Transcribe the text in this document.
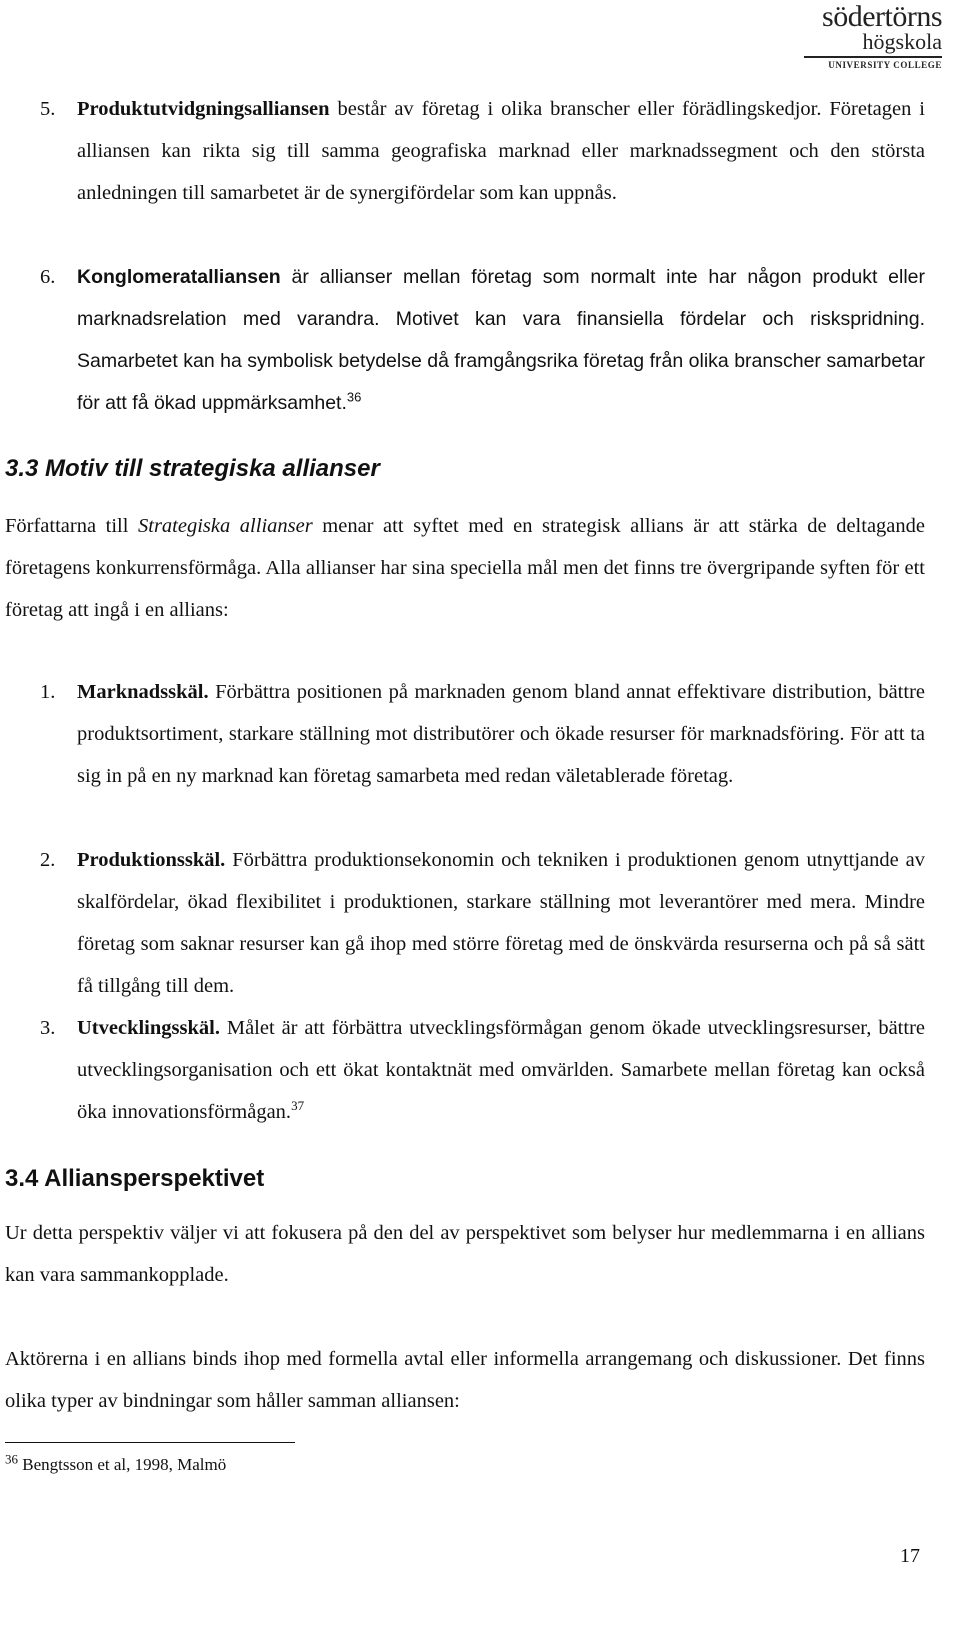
södertörns
högskola
UNIVERSITY COLLEGE
5. Produktutvidgningsalliansen består av företag i olika branscher eller förädlingskedjor. Företagen i alliansen kan rikta sig till samma geografiska marknad eller marknadssegment och den största anledningen till samarbetet är de synergifördelar som kan uppnås.
6. Konglomeratalliansen är allianser mellan företag som normalt inte har någon produkt eller marknadsrelation med varandra. Motivet kan vara finansiella fördelar och riskspridning. Samarbetet kan ha symbolisk betydelse då framgångsrika företag från olika branscher samarbetar för att få ökad uppmärksamhet.$^{36}$
3.3 Motiv till strategiska allianser
Författarna till Strategiska allianser menar att syftet med en strategisk allians är att stärka de deltagande företagens konkurrensförmåga. Alla allianser har sina speciella mål men det finns tre övergripande syften för ett företag att ingå i en allians:
1. Marknadsskäl. Förbättra positionen på marknaden genom bland annat effektivare distribution, bättre produktsortiment, starkare ställning mot distributörer och ökade resurser för marknadsföring. För att ta sig in på en ny marknad kan företag samarbeta med redan väletablerade företag.
2. Produktionsskäl. Förbättra produktionsekonomin och tekniken i produktionen genom utnyttjande av skalfördelar, ökad flexibilitet i produktionen, starkare ställning mot leverantörer med mera. Mindre företag som saknar resurser kan gå ihop med större företag med de önskvärda resurserna och på så sätt få tillgång till dem.
3. Utvecklingsskäl. Målet är att förbättra utvecklingsförmågan genom ökade utvecklingsresurser, bättre utvecklingsorganisation och ett ökat kontaktnät med omvärlden. Samarbete mellan företag kan också öka innovationsförmågan.$^{37}$
3.4 Alliansperspektivet
Ur detta perspektiv väljer vi att fokusera på den del av perspektivet som belyser hur medlemmarna i en allians kan vara sammankopplade.
Aktörerna i en allians binds ihop med formella avtal eller informella arrangemang och diskussioner. Det finns olika typer av bindningar som håller samman alliansen:
$^{36}$ Bengtsson et al, 1998, Malmö
17
